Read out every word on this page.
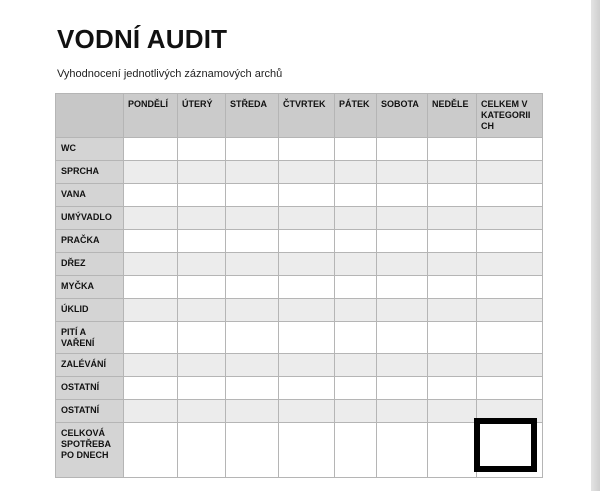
VODNÍ AUDIT
Vyhodnocení jednotlivých záznamových archů
	PONDĚLÍ	ÚTERÝ	STŘEDA	ČTVRTEK	PÁTEK	SOBOTA	NEDĚLE	CELKEM V KATEGORII CH
WC								
SPRCHA								
VANA								
UMÝVADLO								
PRAČKA								
DŘEZ								
MYČKA								
ÚKLID								
PITÍ A VAŘENÍ								
ZALÉVÁNÍ								
OSTATNÍ								
OSTATNÍ								
CELKOVÁ SPOTŘEBA PO DNECH								
